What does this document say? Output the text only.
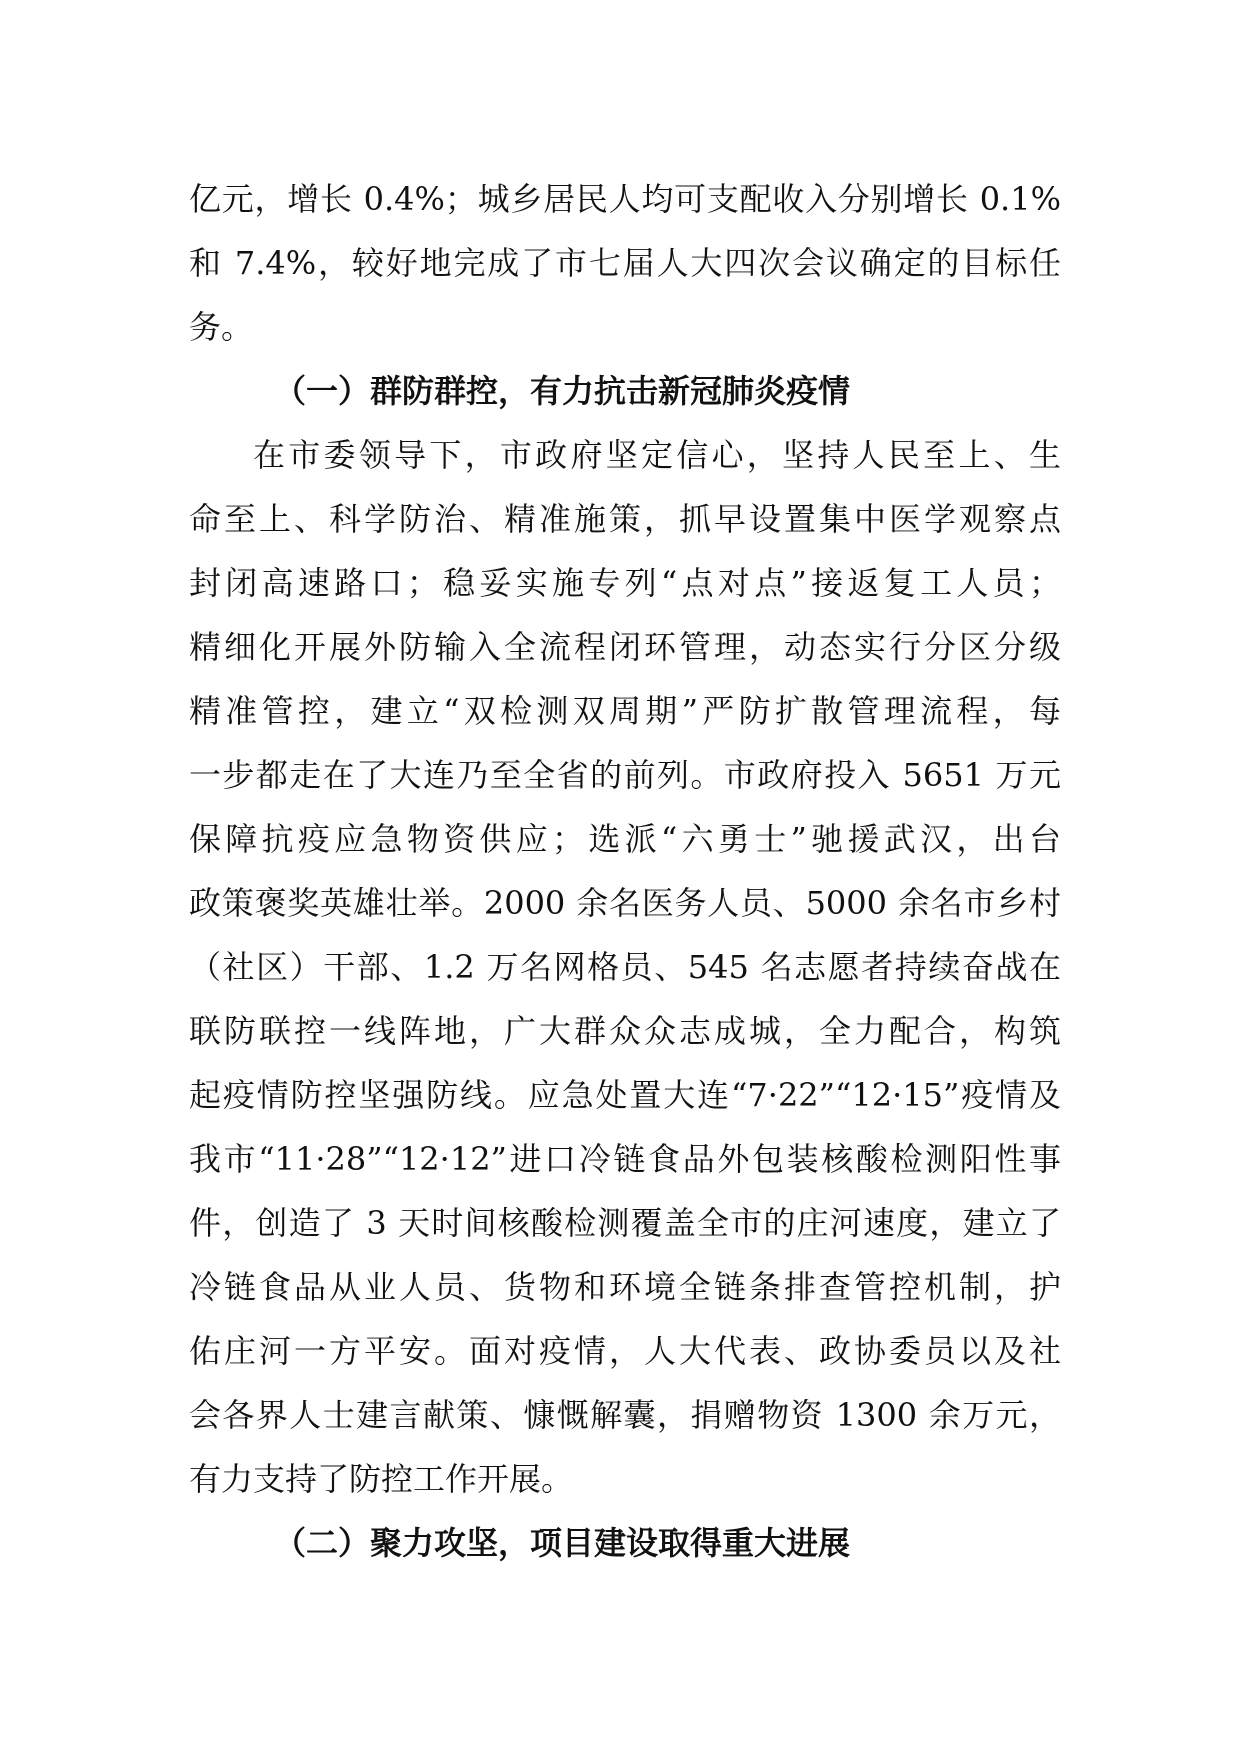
亿元，增长 0.4%；城乡居民人均可支配收入分别增长 0.1%
和 7.4%，较好地完成了市七届人大四次会议确定的目标任
务。
（一）群防群控，有力抗击新冠肺炎疫情
在市委领导下，市政府坚定信心，坚持人民至上、生
命至上、科学防治、精准施策，抓早设置集中医学观察点
封闭高速路口；稳妥实施专列“点对点”接返复工人员；
精细化开展外防输入全流程闭环管理，动态实行分区分级
精准管控，建立“双检测双周期”严防扩散管理流程，每
一步都走在了大连乃至全省的前列。市政府投入 5651 万元
保障抗疫应急物资供应；选派“六勇士”驰援武汉，出台
政策褒奖英雄壮举。2000 余名医务人员、5000 余名市乡村
（社区）干部、1.2 万名网格员、545 名志愿者持续奋战在
联防联控一线阵地，广大群众众志成城，全力配合，构筑
起疫情防控坚强防线。应急处置大连“7·22”“12·15”疫情及
我市“11·28”“12·12”进口冷链食品外包装核酸检测阳性事
件，创造了 3 天时间核酸检测覆盖全市的庄河速度，建立了
冷链食品从业人员、货物和环境全链条排查管控机制，护
佑庄河一方平安。面对疫情，人大代表、政协委员以及社
会各界人士建言献策、慷慨解囊，捐赠物资 1300 余万元，
有力支持了防控工作开展。
（二）聚力攻坚，项目建设取得重大进展
